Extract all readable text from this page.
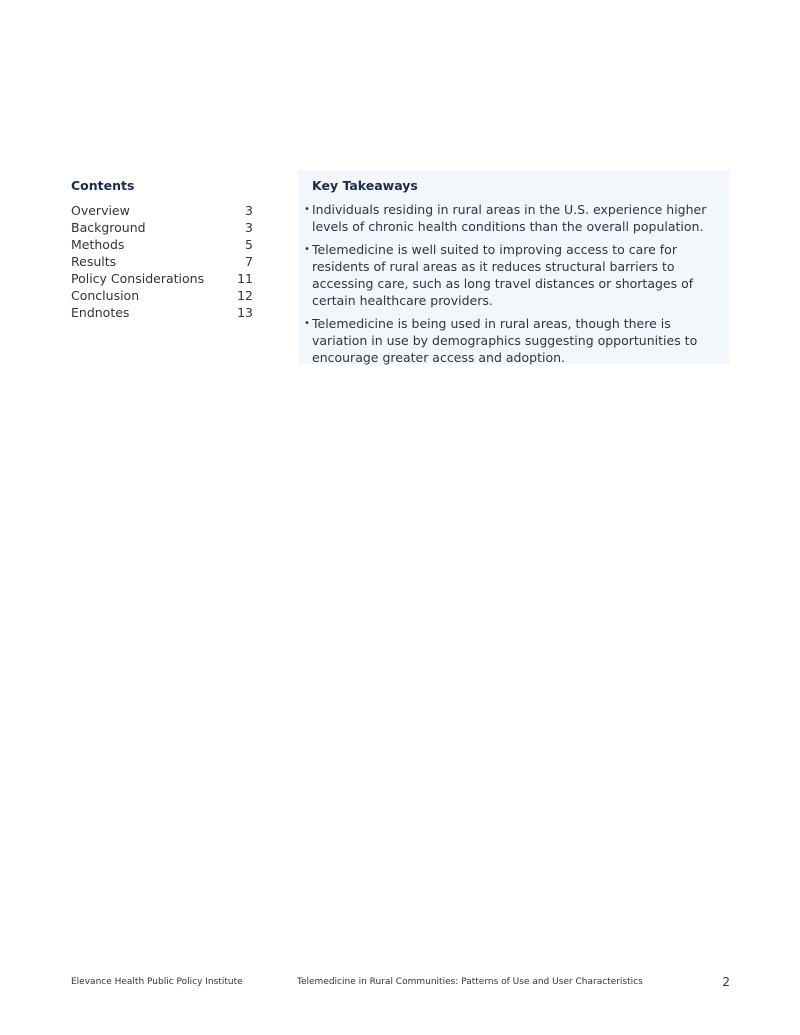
Contents
Overview	3
Background	3
Methods	5
Results	7
Policy Considerations	11
Conclusion	12
Endnotes	13
Key Takeaways
• Individuals residing in rural areas in the U.S. experience higher levels of chronic health conditions than the overall population.
• Telemedicine is well suited to improving access to care for residents of rural areas as it reduces structural barriers to accessing care, such as long travel distances or shortages of certain healthcare providers.
• Telemedicine is being used in rural areas, though there is variation in use by demographics suggesting opportunities to encourage greater access and adoption.
Elevance Health Public Policy Institute	Telemedicine in Rural Communities: Patterns of Use and User Characteristics	2
